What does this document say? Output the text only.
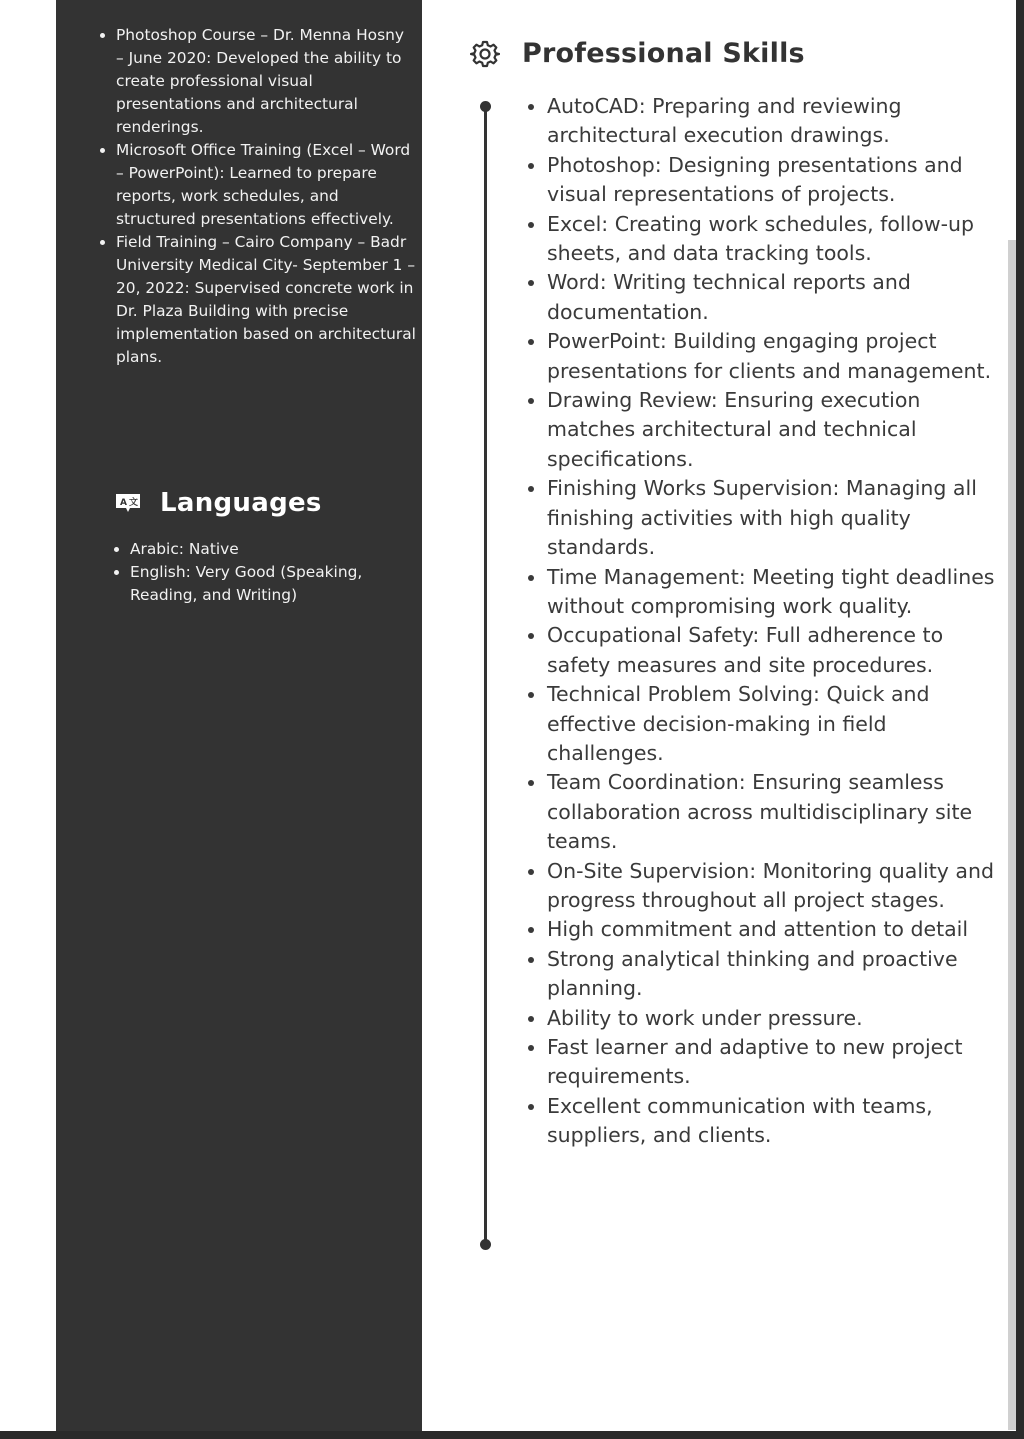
• Photoshop Course – Dr. Menna Hosny – June 2020: Developed the ability to create professional visual presentations and architectural renderings.
• Microsoft Office Training (Excel – Word – PowerPoint): Learned to prepare reports, work schedules, and structured presentations effectively.
• Field Training – Cairo Company – Badr University Medical City- September 1 – 20, 2022: Supervised concrete work in Dr. Plaza Building with precise implementation based on architectural plans.
A 文 Languages
• Arabic: Native
• English: Very Good (Speaking, Reading, and Writing)
Professional Skills
• AutoCAD: Preparing and reviewing architectural execution drawings.
• Photoshop: Designing presentations and visual representations of projects.
• Excel: Creating work schedules, follow-up sheets, and data tracking tools.
• Word: Writing technical reports and documentation.
• PowerPoint: Building engaging project presentations for clients and management.
• Drawing Review: Ensuring execution matches architectural and technical specifications.
• Finishing Works Supervision: Managing all finishing activities with high quality standards.
• Time Management: Meeting tight deadlines without compromising work quality.
• Occupational Safety: Full adherence to safety measures and site procedures.
• Technical Problem Solving: Quick and effective decision-making in field challenges.
• Team Coordination: Ensuring seamless collaboration across multidisciplinary site teams.
• On-Site Supervision: Monitoring quality and progress throughout all project stages.
• High commitment and attention to detail
• Strong analytical thinking and proactive planning.
• Ability to work under pressure.
• Fast learner and adaptive to new project requirements.
• Excellent communication with teams, suppliers, and clients.
